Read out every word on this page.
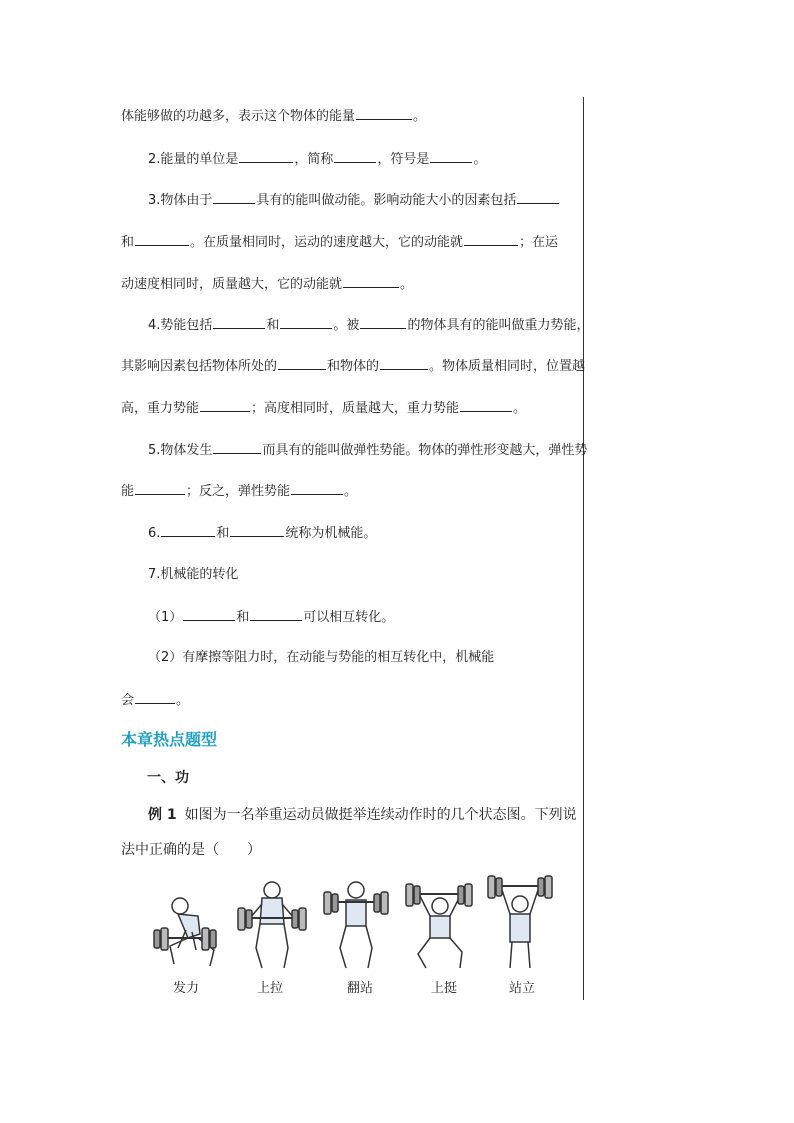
体能够做的功越多，表示这个物体的能量	。
2.能量的单位是	，简称	，符号是	。
3.物体由于	具有的能叫做动能。影响动能大小的因素包括
和	。在质量相同时，运动的速度越大，它的动能就	；在运
动速度相同时，质量越大，它的动能就	。
4.势能包括	和	。被	的物体具有的能叫做重力势能，
其影响因素包括物体所处的	和物体的	。物体质量相同时，位置越
高，重力势能	；高度相同时，质量越大，重力势能	。
5.物体发生	而具有的能叫做弹性势能。物体的弹性形变越大，弹性势
能	；反之，弹性势能	。
6.	和	统称为机械能。
7.机械能的转化
（1）	和	可以相互转化。
（2）有摩擦等阻力时，在动能与势能的相互转化中，机械能
会	。
本章热点题型
一、功
例 1 如图为一名举重运动员做挺举连续动作时的几个状态图。下列说
法中正确的是（　　）
发力	上拉	翻站	上挺	站立
